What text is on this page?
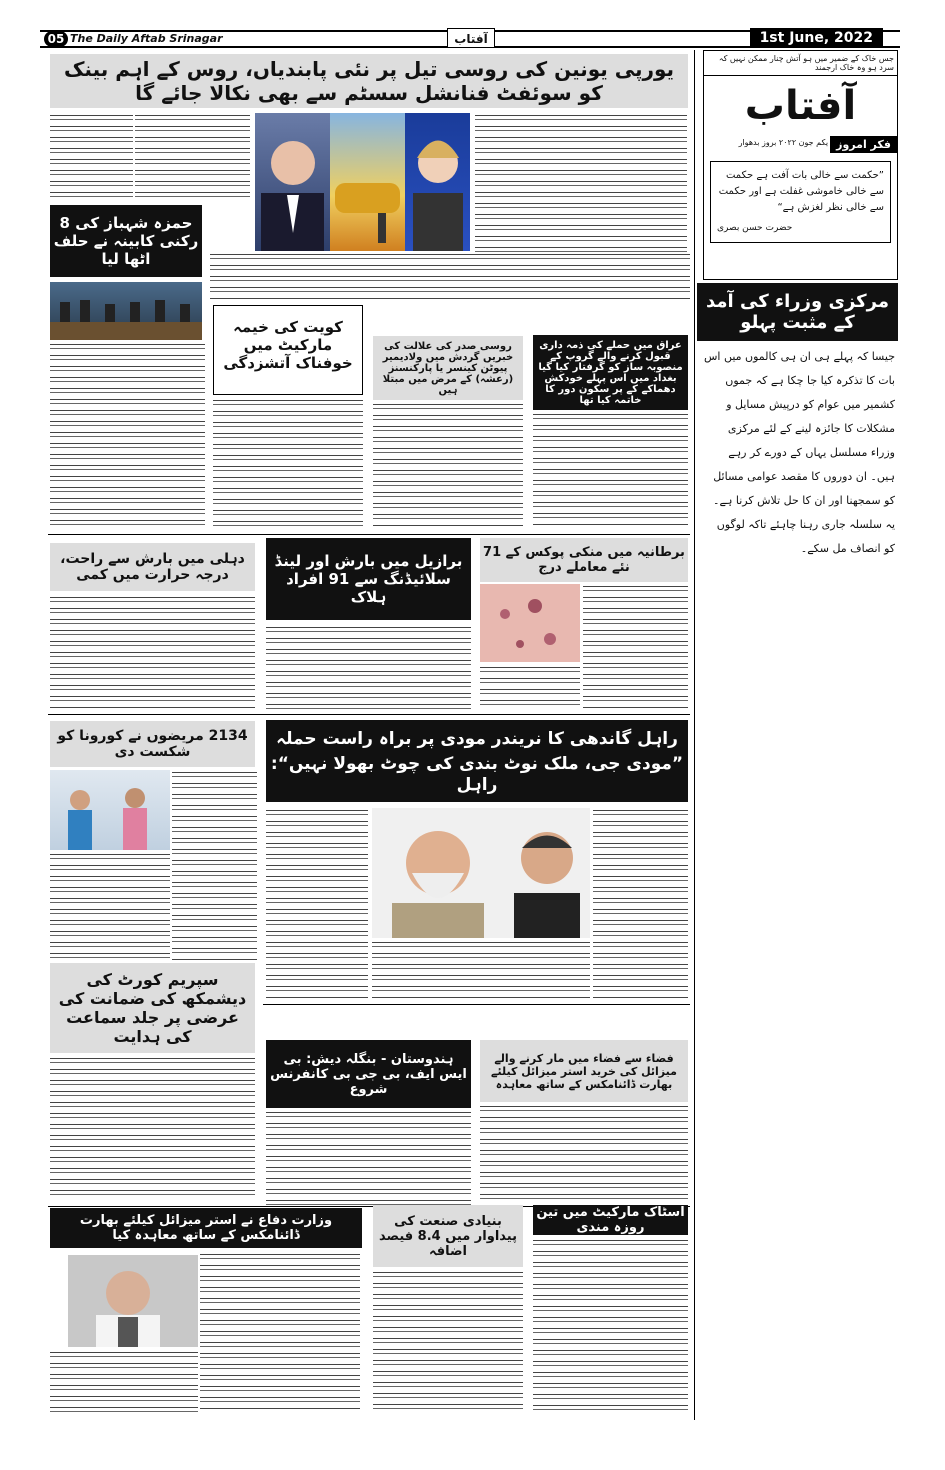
05 The Daily Aftab Srinagar	آفتاب	1st June, 2022
جس خاک کے ضمیر میں ہو آتش چنار ممکن نہیں کہ سرد ہو وہ خاک ارجمند
آفتاب
یکم جون ۲۰۲۲ بروز بدھوار فکر امروز
”حکمت سے خالی بات آفت ہے حکمت سے خالی خاموشی غفلت ہے اور حکمت سے خالی نظر لغزش ہے“
حضرت حسن بصری
مرکزی وزراء کی آمد کے مثبت پہلو
جیسا کہ پہلے ہی ان ہی کالموں میں اس بات کا تذکرہ کیا جا چکا ہے کہ جموں کشمیر میں عوام کو درپیش مسایل و مشکلات کا جائزہ لینے کے لئے مرکزی وزراء مسلسل یہاں کے دورے کر رہے ہیں۔ ان دوروں کا مقصد عوامی مسائل کو سمجھنا اور ان کا حل تلاش کرنا ہے۔ یہ سلسلہ جاری رہنا چاہئے تاکہ لوگوں کو انصاف مل سکے۔
یورپی یونین کی روسی تیل پر نئی پابندیاں، روس کے اہم بینک کو سوئفٹ فنانشل سسٹم سے بھی نکالا جائے گا
حمزہ شہباز کی 8 رکنی کابینہ نے حلف اٹھا لیا
کویت کی خیمہ مارکیٹ میں خوفناک آتشزدگی
روسی صدر کی علالت کی خبریں گردش میں ولادیمیر پیوٹن کینسر یا پارکنسنز (رعشہ) کے مرض میں مبتلا ہیں
عراق میں حملے کی ذمہ داری قبول کرنے والے گروپ کے منصوبہ ساز کو گرفتار کیا گیا بغداد میں اس پہلے خودکش دھماکے کے پر سکون دور کا خاتمہ کیا تھا
دہلی میں بارش سے راحت، درجہ حرارت میں کمی
برازیل میں بارش اور لینڈ سلائیڈنگ سے 91 افراد ہلاک
برطانیہ میں منکی پوکس کے 71 نئے معاملے درج
2134 مریضوں نے کورونا کو شکست دی
راہل گاندھی کا نریندر مودی پر براہ راست حملہ
”مودی جی، ملک نوٹ بندی کی چوٹ بھولا نہیں“: راہل
سپریم کورٹ کی دیشمکھ کی ضمانت کی عرضی پر جلد سماعت کی ہدایت
ہندوستان - بنگلہ دیش: بی ایس ایف، بی جی بی کانفرنس شروع
فضاء سے فضاء میں مار کرنے والے میزائل کی خرید استر میزائل کیلئے بھارت ڈائنامکس کے ساتھ معاہدہ
وزارت دفاع نے استر میزائل کیلئے بھارت ڈائنامکس کے ساتھ معاہدہ کیا
بنیادی صنعت کی پیداوار میں 8.4 فیصد اضافہ
اسٹاک مارکیٹ میں تین روزہ مندی
